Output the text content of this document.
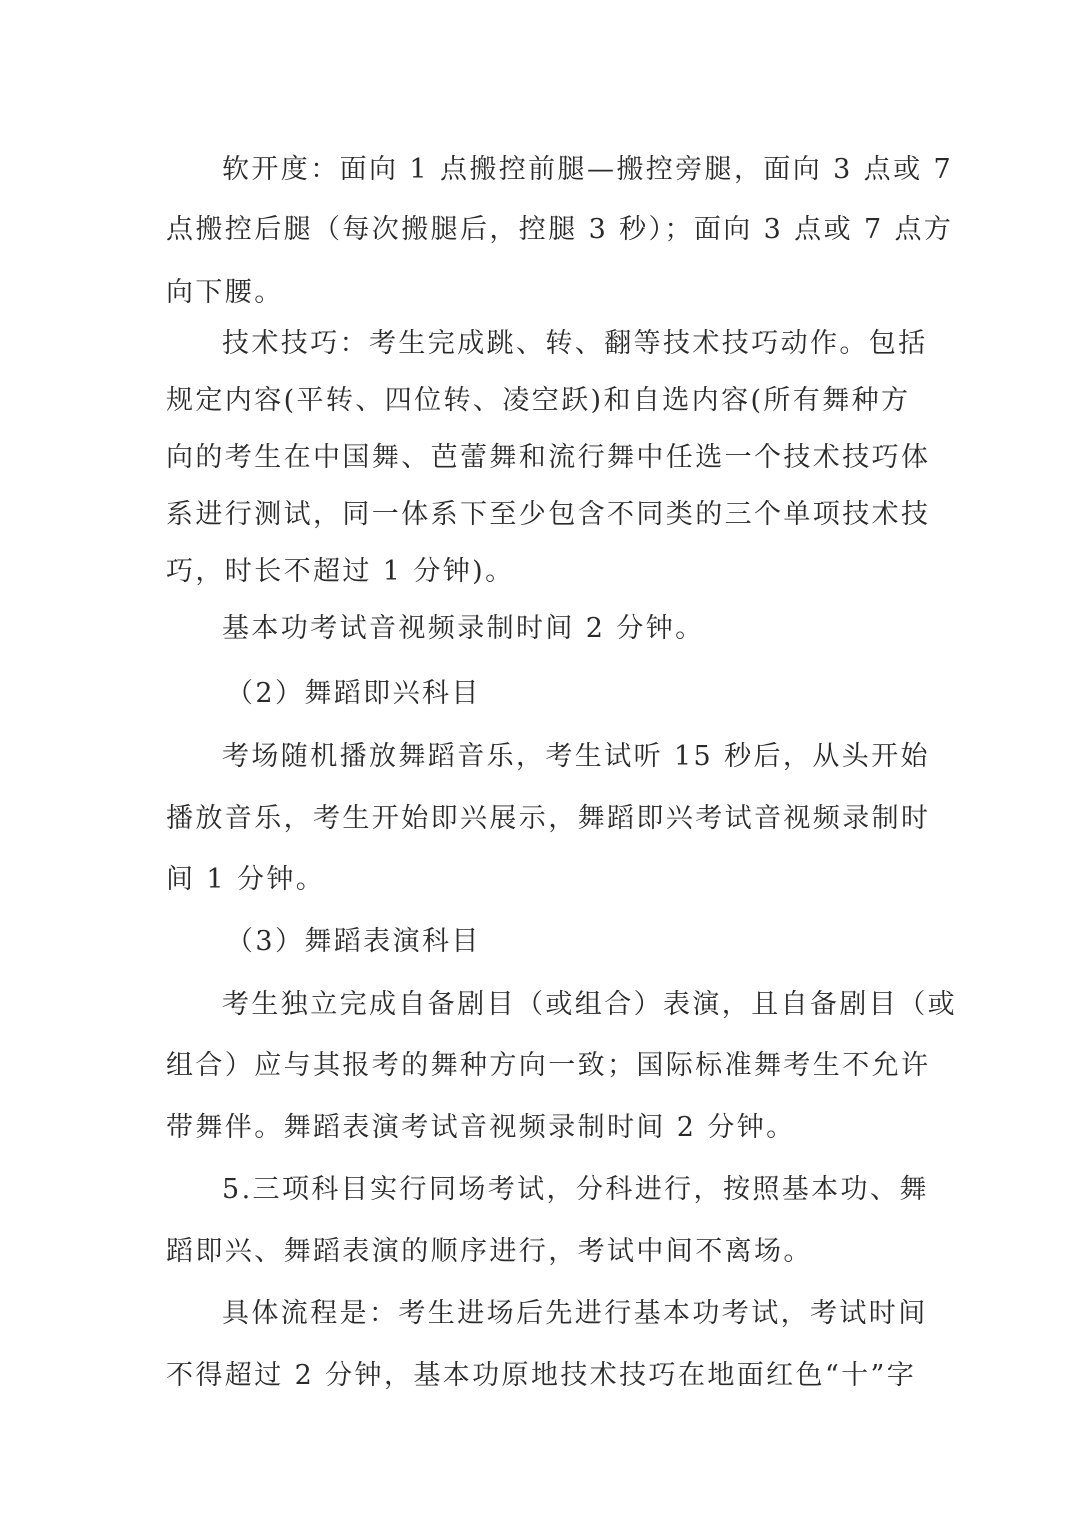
软开度：面向 1 点搬控前腿—搬控旁腿，面向 3 点或 7
点搬控后腿（每次搬腿后，控腿 3 秒）；面向 3 点或 7 点方
向下腰。
技术技巧：考生完成跳、转、翻等技术技巧动作。包括
规定内容(平转、四位转、凌空跃)和自选内容(所有舞种方
向的考生在中国舞、芭蕾舞和流行舞中任选一个技术技巧体
系进行测试，同一体系下至少包含不同类的三个单项技术技
巧，时长不超过 1 分钟)。
基本功考试音视频录制时间 2 分钟。
（2）舞蹈即兴科目
考场随机播放舞蹈音乐，考生试听 15 秒后，从头开始
播放音乐，考生开始即兴展示，舞蹈即兴考试音视频录制时
间 1 分钟。
（3）舞蹈表演科目
考生独立完成自备剧目（或组合）表演，且自备剧目（或
组合）应与其报考的舞种方向一致；国际标准舞考生不允许
带舞伴。舞蹈表演考试音视频录制时间 2 分钟。
5.三项科目实行同场考试，分科进行，按照基本功、舞
蹈即兴、舞蹈表演的顺序进行，考试中间不离场。
具体流程是：考生进场后先进行基本功考试，考试时间
不得超过 2 分钟，基本功原地技术技巧在地面红色“十”字
